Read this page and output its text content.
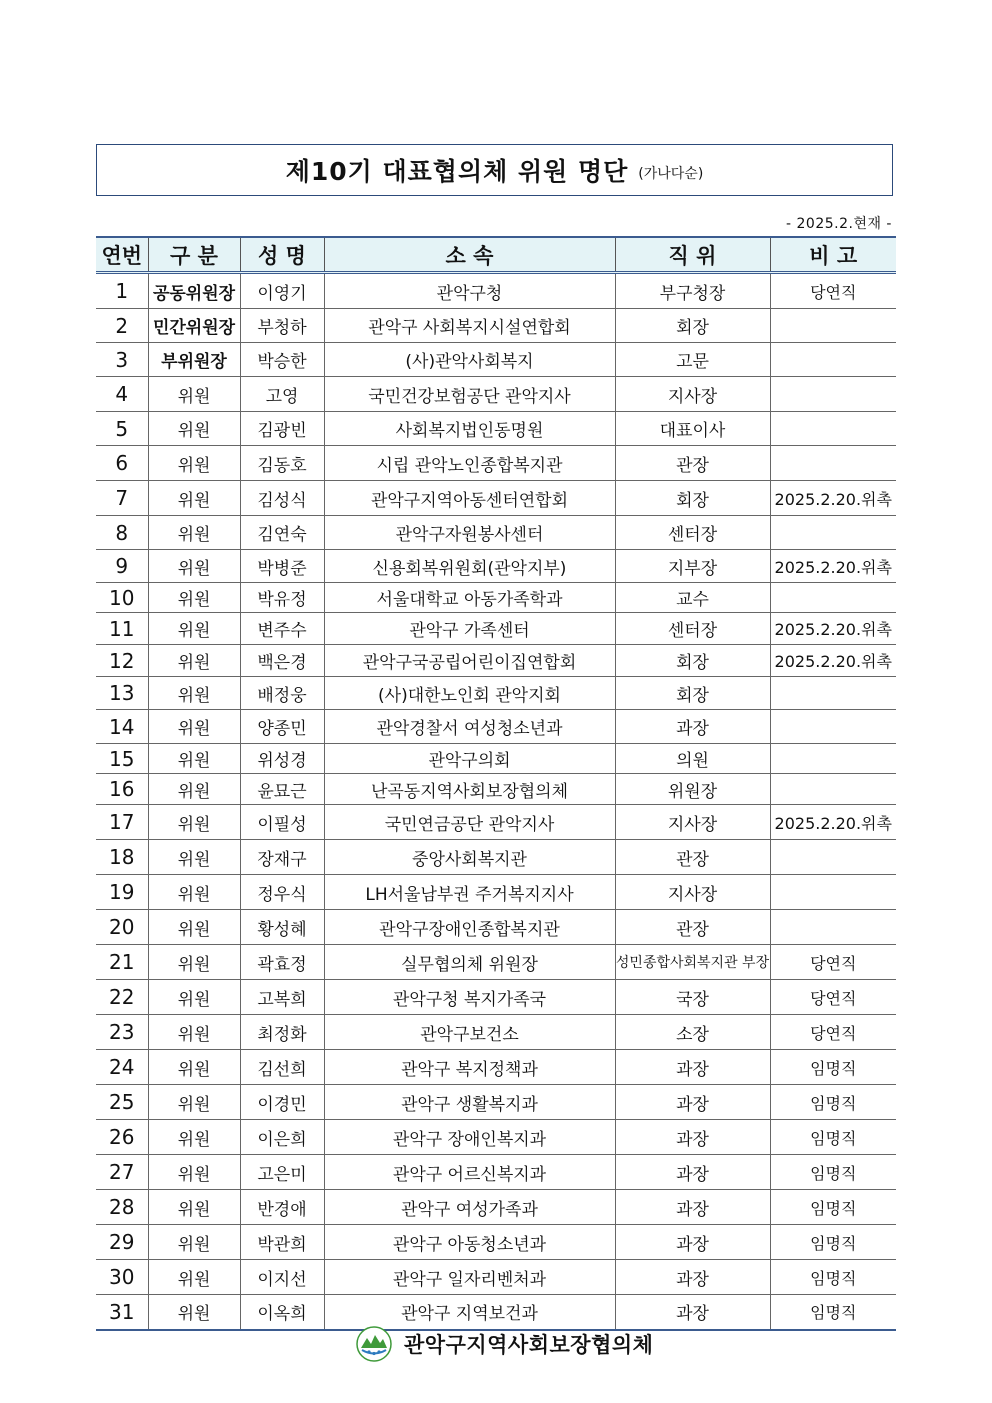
제10기 대표협의체 위원 명단 (가나다순)
- 2025.2.현재 -
연번	구 분	성 명	소 속	직 위	비 고
1	공동위원장	이영기	관악구청	부구청장	당연직
2	민간위원장	부청하	관악구 사회복지시설연합회	회장	
3	부위원장	박승한	(사)관악사회복지	고문	
4	위원	고영	국민건강보험공단 관악지사	지사장	
5	위원	김광빈	사회복지법인동명원	대표이사	
6	위원	김동호	시립 관악노인종합복지관	관장	
7	위원	김성식	관악구지역아동센터연합회	회장	2025.2.20.위촉
8	위원	김연숙	관악구자원봉사센터	센터장	
9	위원	박병준	신용회복위원회(관악지부)	지부장	2025.2.20.위촉
10	위원	박유정	서울대학교 아동가족학과	교수	
11	위원	변주수	관악구 가족센터	센터장	2025.2.20.위촉
12	위원	백은경	관악구국공립어린이집연합회	회장	2025.2.20.위촉
13	위원	배정웅	(사)대한노인회 관악지회	회장	
14	위원	양종민	관악경찰서 여성청소년과	과장	
15	위원	위성경	관악구의회	의원	
16	위원	윤묘근	난곡동지역사회보장협의체	위원장	
17	위원	이필성	국민연금공단 관악지사	지사장	2025.2.20.위촉
18	위원	장재구	중앙사회복지관	관장	
19	위원	정우식	LH서울남부권 주거복지지사	지사장	
20	위원	황성혜	관악구장애인종합복지관	관장	
21	위원	곽효정	실무협의체 위원장	성민종합사회복지관 부장	당연직
22	위원	고복희	관악구청 복지가족국	국장	당연직
23	위원	최정화	관악구보건소	소장	당연직
24	위원	김선희	관악구 복지정책과	과장	임명직
25	위원	이경민	관악구 생활복지과	과장	임명직
26	위원	이은희	관악구 장애인복지과	과장	임명직
27	위원	고은미	관악구 어르신복지과	과장	임명직
28	위원	반경애	관악구 여성가족과	과장	임명직
29	위원	박관희	관악구 아동청소년과	과장	임명직
30	위원	이지선	관악구 일자리벤처과	과장	임명직
31	위원	이옥희	관악구 지역보건과	과장	임명직
관악구지역사회보장협의체
